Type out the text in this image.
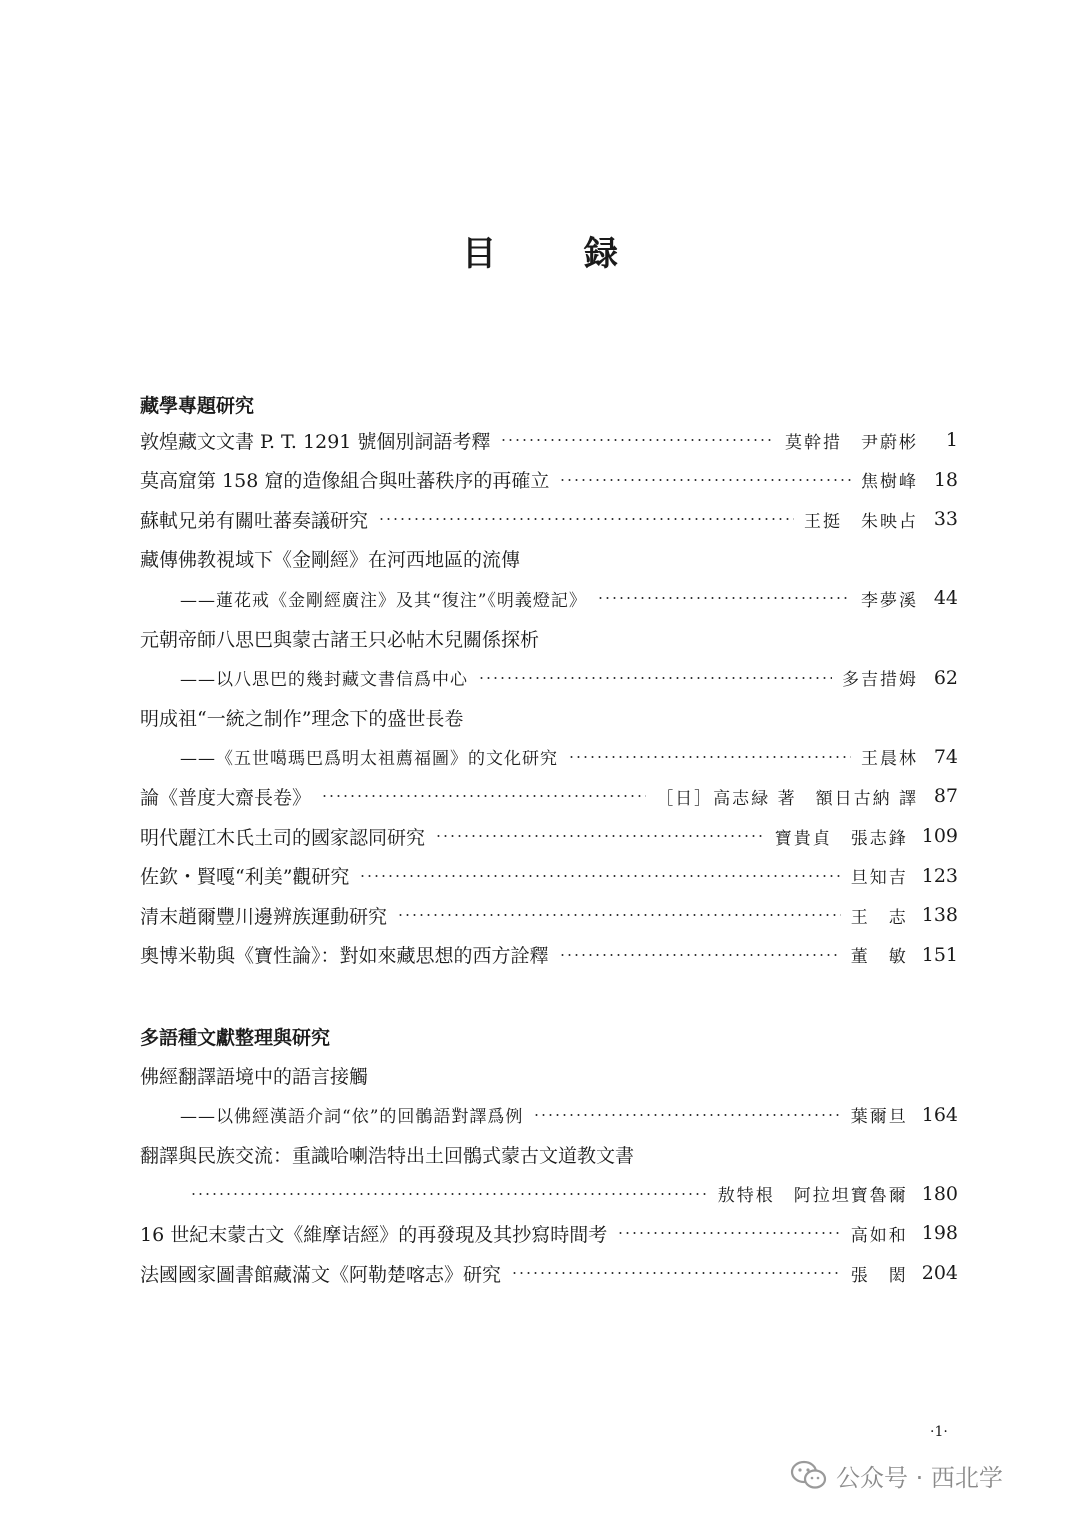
目 録
藏學專題研究
敦煌藏文文書 P. T. 1291 號個別詞語考釋	莫幹措　尹蔚彬	1
莫高窟第 158 窟的造像組合與吐蕃秩序的再確立	焦樹峰 18
蘇軾兄弟有關吐蕃奏議研究	王挺　朱映占 33
藏傳佛教視域下《金剛經》在河西地區的流傳
——蓮花戒《金剛經廣注》及其“復注”《明義燈記》	李夢溪 44
元朝帝師八思巴與蒙古諸王只必帖木兒關係探析
——以八思巴的幾封藏文書信爲中心	多吉措姆 62
明成祖“一統之制作”理念下的盛世長卷
——《五世噶瑪巴爲明太祖薦福圖》的文化研究	王晨林 74
論《普度大齋長卷》	［日］高志緑 著　額日古納 譯 87
明代麗江木氏土司的國家認同研究	寶貴貞　張志鋒 109
佐欽・賢嘎“利美”觀研究	旦知吉 123
清末趙爾豐川邊辨族運動研究	王　志 138
奧博米勒與《寶性論》：對如來藏思想的西方詮釋	董　敏 151
多語種文獻整理與研究
佛經翻譯語境中的語言接觸
——以佛經漢語介詞“依”的回鶻語對譯爲例	葉爾旦 164
翻譯與民族交流：重識哈喇浩特出土回鶻式蒙古文道教文書
敖特根　阿拉坦寶魯爾 180
16 世紀末蒙古文《維摩诘經》的再發現及其抄寫時間考	高如和 198
法國國家圖書館藏滿文《阿勒楚喀志》研究	張　閎 204
·1·
公众号 · 西北学
